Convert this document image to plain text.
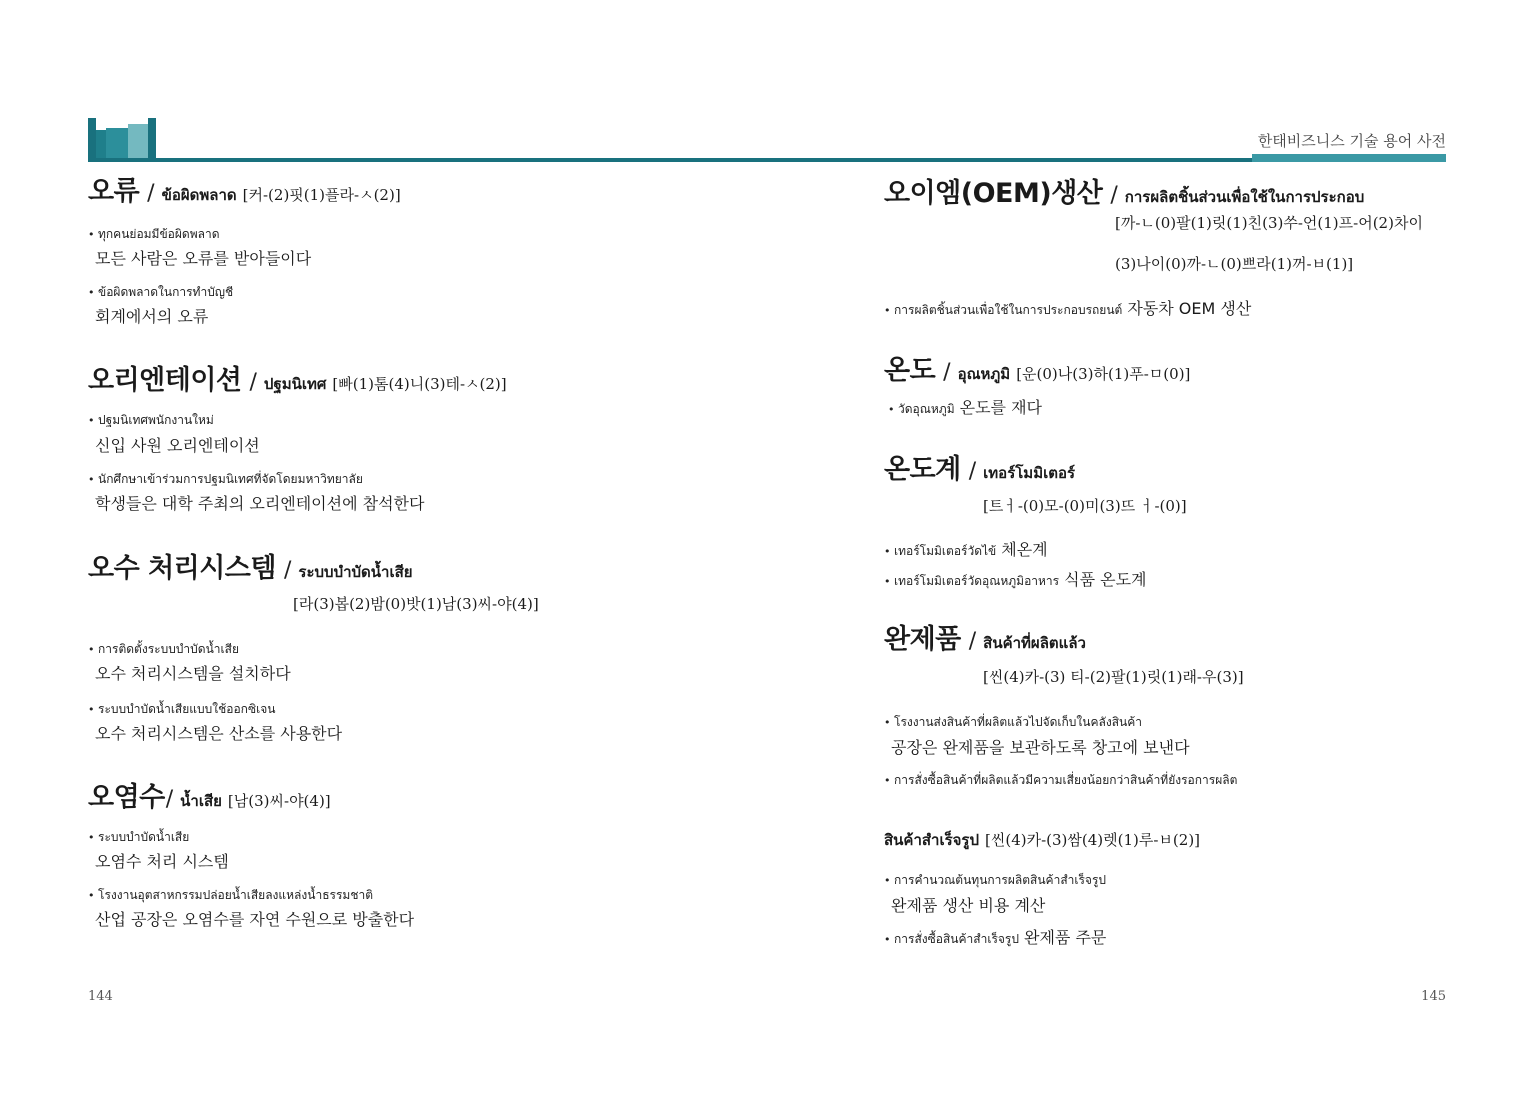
한태비즈니스 기술 용어 사전
오류 / ข้อผิดพลาด [커-(2)핏(1)플라-ㅅ(2)]
• ทุกคนย่อมมีข้อผิดพลาด
모든 사람은 오류를 받아들이다
• ข้อผิดพลาดในการทำบัญชี
회계에서의 오류
오리엔테이션 / ปฐมนิเทศ [빠(1)톰(4)니(3)테-ㅅ(2)]
• ปฐมนิเทศพนักงานใหม่
신입 사원 오리엔테이션
• นักศึกษาเข้าร่วมการปฐมนิเทศที่จัดโดยมหาวิทยาลัย
학생들은 대학 주최의 오리엔테이션에 참석한다
오수 처리시스템 / ระบบบำบัดน้ำเสีย
[라(3)봅(2)밤(0)밧(1)남(3)씨-야(4)]
• การติดตั้งระบบบำบัดน้ำเสีย
오수 처리시스템을 설치하다
• ระบบบำบัดน้ำเสียแบบใช้ออกซิเจน
오수 처리시스템은 산소를 사용한다
오염수/ น้ำเสีย [남(3)씨-야(4)]
• ระบบบำบัดน้ำเสีย
오염수 처리 시스템
• โรงงานอุตสาหกรรมปล่อยน้ำเสียลงแหล่งน้ำธรรมชาติ
산업 공장은 오염수를 자연 수원으로 방출한다
144
오이엠(OEM)생산 / การผลิตชิ้นส่วนเพื่อใช้ในการประกอบ
[까-ㄴ(0)팔(1)릿(1)친(3)쑤-언(1)프-어(2)차이
(3)나이(0)까-ㄴ(0)쁘라(1)꺼-ㅂ(1)]
• การผลิตชิ้นส่วนเพื่อใช้ในการประกอบรถยนต์ 자동차 OEM 생산
온도 / อุณหภูมิ [운(0)나(3)하(1)푸-ㅁ(0)]
• วัดอุณหภูมิ 온도를 재다
온도계 / เทอร์โมมิเตอร์
[트ㅓ-(0)모-(0)미(3)뜨 ㅓ-(0)]
• เทอร์โมมิเตอร์วัดไข้ 체온계
• เทอร์โมมิเตอร์วัดอุณหภูมิอาหาร 식품 온도계
완제품 / สินค้าที่ผลิตแล้ว
[씬(4)카-(3) 티-(2)팔(1)릿(1)래-우(3)]
• โรงงานส่งสินค้าที่ผลิตแล้วไปจัดเก็บในคลังสินค้า
공장은 완제품을 보관하도록 창고에 보낸다
• การสั่งซื้อสินค้าที่ผลิตแล้วมีความเสี่ยงน้อยกว่าสินค้าที่ยังรอการผลิต
สินค้าสำเร็จรูป [씬(4)카-(3)쌈(4)렛(1)루-ㅂ(2)]
• การคำนวณต้นทุนการผลิตสินค้าสำเร็จรูป
완제품 생산 비용 계산
• การสั่งซื้อสินค้าสำเร็จรูป 완제품 주문
145
